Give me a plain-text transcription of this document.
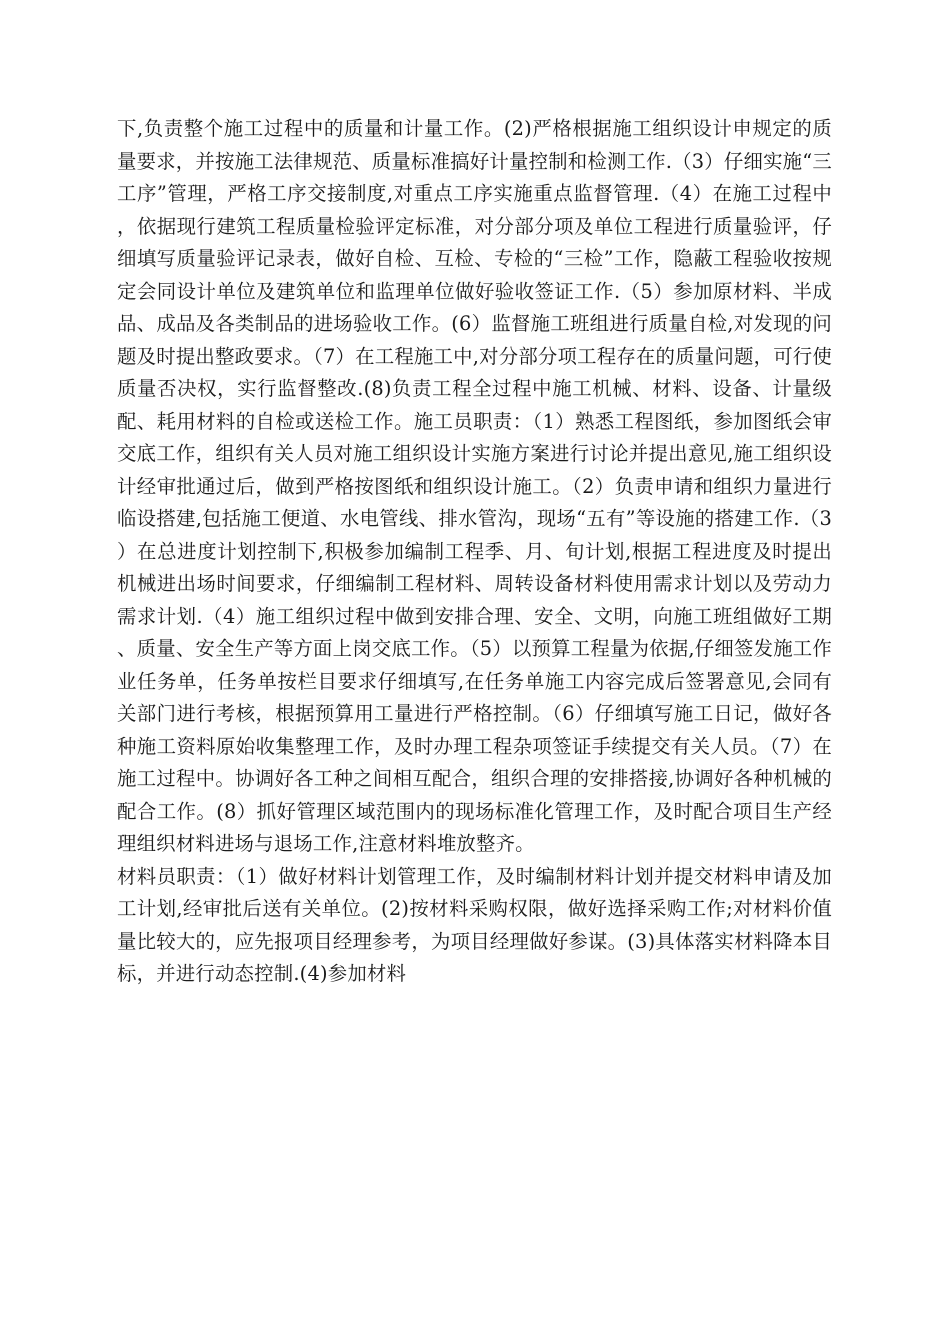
下,负责整个施工过程中的质量和计量工作。(2)严格根据施工组织设计申规定的质量要求，并按施工法律规范、质量标准搞好计量控制和检测工作.（3）仔细实施“三工序”管理，严格工序交接制度,对重点工序实施重点监督管理.（4）在施工过程中，依据现行建筑工程质量检验评定标准，对分部分项及单位工程进行质量验评，仔细填写质量验评记录表，做好自检、互检、专检的“三检”工作，隐蔽工程验收按规定会同设计单位及建筑单位和监理单位做好验收签证工作.（5）参加原材料、半成品、成品及各类制品的进场验收工作。(6）监督施工班组进行质量自检,对发现的问题及时提出整政要求。（7）在工程施工中,对分部分项工程存在的质量问题，可行使质量否决权，实行监督整改.(8)负责工程全过程中施工机械、材料、设备、计量级配、耗用材料的自检或送检工作。施工员职责：（1）熟悉工程图纸，参加图纸会审交底工作，组织有关人员对施工组织设计实施方案进行讨论并提出意见,施工组织设计经审批通过后，做到严格按图纸和组织设计施工。（2）负责申请和组织力量进行临设搭建,包括施工便道、水电管线、排水管沟，现场“五有”等设施的搭建工作.（3）在总进度计划控制下,积极参加编制工程季、月、旬计划,根据工程进度及时提出机械进出场时间要求，仔细编制工程材料、周转设备材料使用需求计划以及劳动力需求计划.（4）施工组织过程中做到安排合理、安全、文明，向施工班组做好工期、质量、安全生产等方面上岗交底工作。（5）以预算工程量为依据,仔细签发施工作业任务单，任务单按栏目要求仔细填写,在任务单施工内容完成后签署意见,会同有关部门进行考核，根据预算用工量进行严格控制。（6）仔细填写施工日记，做好各种施工资料原始收集整理工作，及时办理工程杂项签证手续提交有关人员。（7）在施工过程中。协调好各工种之间相互配合，组织合理的安排搭接,协调好各种机械的配合工作。(8）抓好管理区域范围内的现场标准化管理工作，及时配合项目生产经理组织材料进场与退场工作,注意材料堆放整齐。

材料员职责：（1）做好材料计划管理工作，及时编制材料计划并提交材料申请及加工计划,经审批后送有关单位。(2)按材料采购权限，做好选择采购工作;对材料价值量比较大的，应先报项目经理参考，为项目经理做好参谋。(3)具体落实材料降本目标，并进行动态控制.(4)参加材料
